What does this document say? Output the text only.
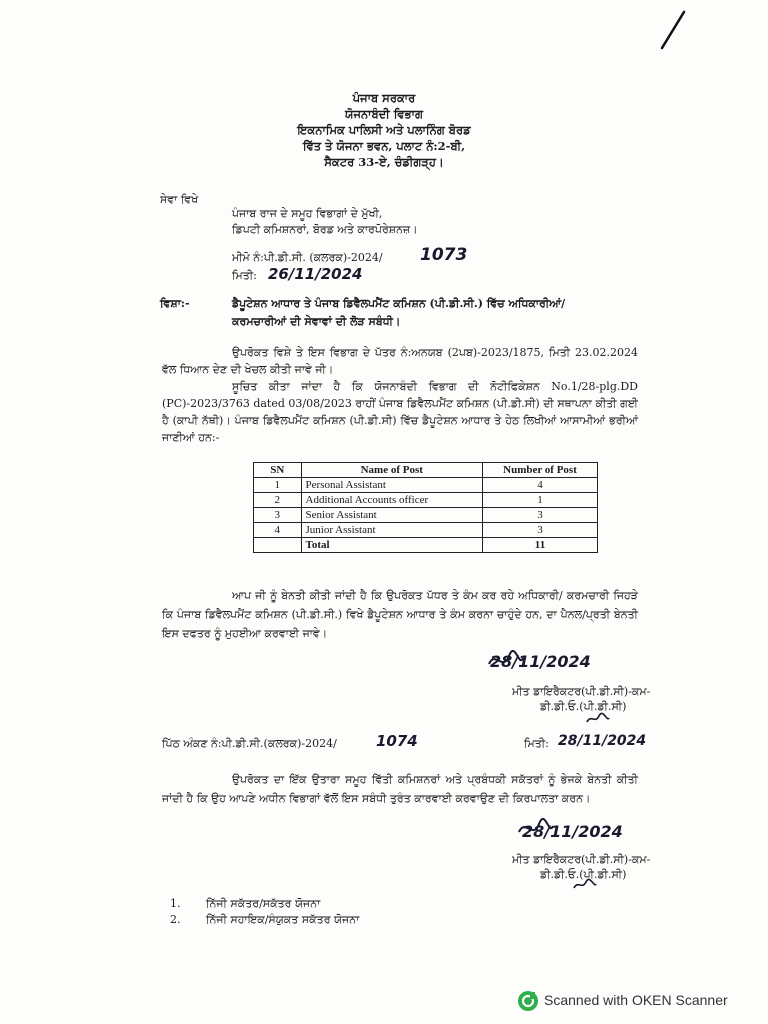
ਪੰਜਾਬ ਸਰਕਾਰ
ਯੋਜਨਾਬੰਦੀ ਵਿਭਾਗ
ਇਕਨਾਮਿਕ ਪਾਲਿਸੀ ਅਤੇ ਪਲਾਨਿੰਗ ਬੋਰਡ
ਵਿੱਤ ਤੇ ਯੋਜਨਾ ਭਵਨ, ਪਲਾਟ ਨੰ:2-ਬੀ,
ਸੈਕਟਰ 33-ਏ, ਚੰਡੀਗੜ੍ਹ।
ਸੇਵਾ ਵਿਖੇ
ਪੰਜਾਬ ਰਾਜ ਦੇ ਸਮੂਹ ਵਿਭਾਗਾਂ ਦੇ ਮੁੱਖੀ,
ਡਿਪਟੀ ਕਮਿਸ਼ਨਰਾਂ, ਬੋਰਡ ਅਤੇ ਕਾਰਪੋਰੇਸ਼ਨਜ਼।
ਮੀਮੋ ਨੰ:ਪੀ.ਡੀ.ਸੀ. (ਕਲਰਕ)-2024/ 1073
ਮਿਤੀ: 26/11/2024
ਵਿਸ਼ਾ:-	ਡੈਪੂਟੇਸ਼ਨ ਆਧਾਰ ਤੇ ਪੰਜਾਬ ਡਿਵੈਲਪਮੈਂਟ ਕਮਿਸ਼ਨ (ਪੀ.ਡੀ.ਸੀ.) ਵਿੱਚ ਅਧਿਕਾਰੀਆਂ/
ਕਰਮਚਾਰੀਆਂ ਦੀ ਸੇਵਾਵਾਂ ਦੀ ਲੋੜ ਸਬੰਧੀ।
ਉਪਰੋਕਤ ਵਿਸ਼ੇ ਤੇ ਇਸ ਵਿਭਾਗ ਦੇ ਪੱਤਰ ਨੰ:ਅਨਯਬ (2ਪਬ)-2023/1875, ਮਿਤੀ 23.02.2024 ਵੱਲ ਧਿਆਨ ਦੇਣ ਦੀ ਖੇਚਲ ਕੀਤੀ ਜਾਵੇ ਜੀ।
ਸੂਚਿਤ ਕੀਤਾ ਜਾਂਦਾ ਹੈ ਕਿ ਯੋਜਨਾਬੰਦੀ ਵਿਭਾਗ ਦੀ ਨੋਟੀਫਿਕੇਸ਼ਨ No.1/28-plg.DD (PC)-2023/3763 dated 03/08/2023 ਰਾਹੀਂ ਪੰਜਾਬ ਡਿਵੈਲਪਮੈਂਟ ਕਮਿਸ਼ਨ (ਪੀ.ਡੀ.ਸੀ) ਦੀ ਸਥਾਪਨਾ ਕੀਤੀ ਗਈ ਹੈ (ਕਾਪੀ ਨੱਥੀ)। ਪੰਜਾਬ ਡਿਵੈਲਪਮੈਂਟ ਕਮਿਸ਼ਨ (ਪੀ.ਡੀ.ਸੀ) ਵਿੱਚ ਡੈਪੂਟੇਸ਼ਨ ਆਧਾਰ ਤੇ ਹੇਠ ਲਿਖੀਆਂ ਆਸਾਮੀਆਂ ਭਰੀਆਂ ਜਾਣੀਆਂ ਹਨ:-
SN	Name of Post	Number of Post
1	Personal Assistant	4
2	Additional Accounts officer	1
3	Senior Assistant	3
4	Junior Assistant	3
	Total	11
ਆਪ ਜੀ ਨੂੰ ਬੇਨਤੀ ਕੀਤੀ ਜਾਂਦੀ ਹੈ ਕਿ ਉਪਰੋਕਤ ਪੱਧਰ ਤੇ ਕੰਮ ਕਰ ਰਹੇ ਅਧਿਕਾਰੀ/ ਕਰਮਚਾਰੀ ਜਿਹੜੇ ਕਿ ਪੰਜਾਬ ਡਿਵੈਲਪਮੈਂਟ ਕਮਿਸ਼ਨ (ਪੀ.ਡੀ.ਸੀ.) ਵਿਖੇ ਡੈਪੂਟੇਸ਼ਨ ਆਧਾਰ ਤੇ ਕੰਮ ਕਰਨਾ ਚਾਹੁੰਦੇ ਹਨ, ਦਾ ਪੈਨਲ/ਪ੍ਰਤੀ ਬੇਨਤੀ ਇਸ ਦਫਤਰ ਨੂੰ ਮੁਹਈਆ ਕਰਵਾਈ ਜਾਵੇ।
28/11/2024
ਮੀਤ ਡਾਇਰੈਕਟਰ(ਪੀ.ਡੀ.ਸੀ)-ਕਮ-
ਡੀ.ਡੀ.ਓ.(ਪੀ.ਡੀ.ਸੀ)
ਪਿੱਠ ਅੰਕਣ ਨੰ:ਪੀ.ਡੀ.ਸੀ.(ਕਲਰਕ)-2024/	1074	ਮਿਤੀ: 28/11/2024
ਉਪਰੋਕਤ ਦਾ ਇੱਕ ਉਤਾਰਾ ਸਮੂਹ ਵਿੱਤੀ ਕਮਿਸ਼ਨਰਾਂ ਅਤੇ ਪ੍ਰਬੰਧਕੀ ਸਕੱਤਰਾਂ ਨੂੰ ਭੇਜਕੇ ਬੇਨਤੀ ਕੀਤੀ ਜਾਂਦੀ ਹੈ ਕਿ ਉਹ ਆਪਣੇ ਅਧੀਨ ਵਿਭਾਗਾਂ ਵੱਲੋਂ ਇਸ ਸਬੰਧੀ ਤੁਰੰਤ ਕਾਰਵਾਈ ਕਰਵਾਉਣ ਦੀ ਕਿਰਪਾਲਤਾ ਕਰਨ।
28/11/2024
ਮੀਤ ਡਾਇਰੈਕਟਰ(ਪੀ.ਡੀ.ਸੀ)-ਕਮ-
ਡੀ.ਡੀ.ਓ.(ਪੀ.ਡੀ.ਸੀ)
1. ਨਿੱਜੀ ਸਕੱਤਰ/ਸਕੱਤਰ ਯੋਜਨਾ
2. ਨਿੱਜੀ ਸਹਾਇਕ/ਸੰਯੁਕਤ ਸਕੱਤਰ ਯੋਜਨਾ
Scanned with OKEN Scanner
